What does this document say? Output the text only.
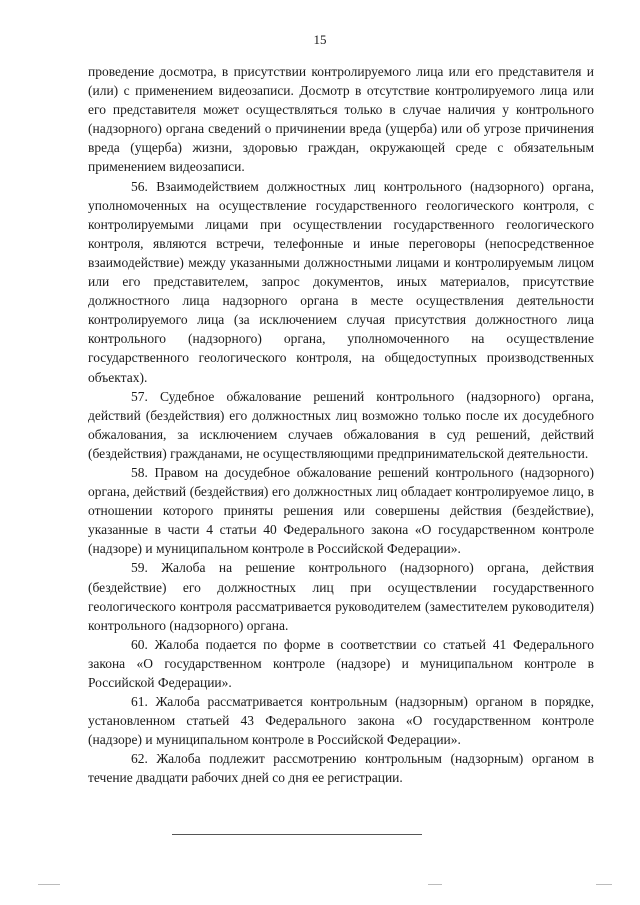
15

проведение досмотра, в присутствии контролируемого лица или его представителя и (или) с применением видеозаписи. Досмотр в отсутствие контролируемого лица или его представителя может осуществляться только в случае наличия у контрольного (надзорного) органа сведений о причинении вреда (ущерба) или об угрозе причинения вреда (ущерба) жизни, здоровью граждан, окружающей среде с обязательным применением видеозаписи.

56. Взаимодействием должностных лиц контрольного (надзорного) органа, уполномоченных на осуществление государственного геологического контроля, с контролируемыми лицами при осуществлении государственного геологического контроля, являются встречи, телефонные и иные переговоры (непосредственное взаимодействие) между указанными должностными лицами и контролируемым лицом или его представителем, запрос документов, иных материалов, присутствие должностного лица надзорного органа в месте осуществления деятельности контролируемого лица (за исключением случая присутствия должностного лица контрольного (надзорного) органа, уполномоченного на осуществление государственного геологического контроля, на общедоступных производственных объектах).

57. Судебное обжалование решений контрольного (надзорного) органа, действий (бездействия) его должностных лиц возможно только после их досудебного обжалования, за исключением случаев обжалования в суд решений, действий (бездействия) гражданами, не осуществляющими предпринимательской деятельности.

58. Правом на досудебное обжалование решений контрольного (надзорного) органа, действий (бездействия) его должностных лиц обладает контролируемое лицо, в отношении которого приняты решения или совершены действия (бездействие), указанные в части 4 статьи 40 Федерального закона «О государственном контроле (надзоре) и муниципальном контроле в Российской Федерации».

59. Жалоба на решение контрольного (надзорного) органа, действия (бездействие) его должностных лиц при осуществлении государственного геологического контроля рассматривается руководителем (заместителем руководителя) контрольного (надзорного) органа.

60. Жалоба подается по форме в соответствии со статьей 41 Федерального закона «О государственном контроле (надзоре) и муниципальном контроле в Российской Федерации».

61. Жалоба рассматривается контрольным (надзорным) органом в порядке, установленном статьей 43 Федерального закона «О государственном контроле (надзоре) и муниципальном контроле в Российской Федерации».

62. Жалоба подлежит рассмотрению контрольным (надзорным) органом в течение двадцати рабочих дней со дня ее регистрации.
